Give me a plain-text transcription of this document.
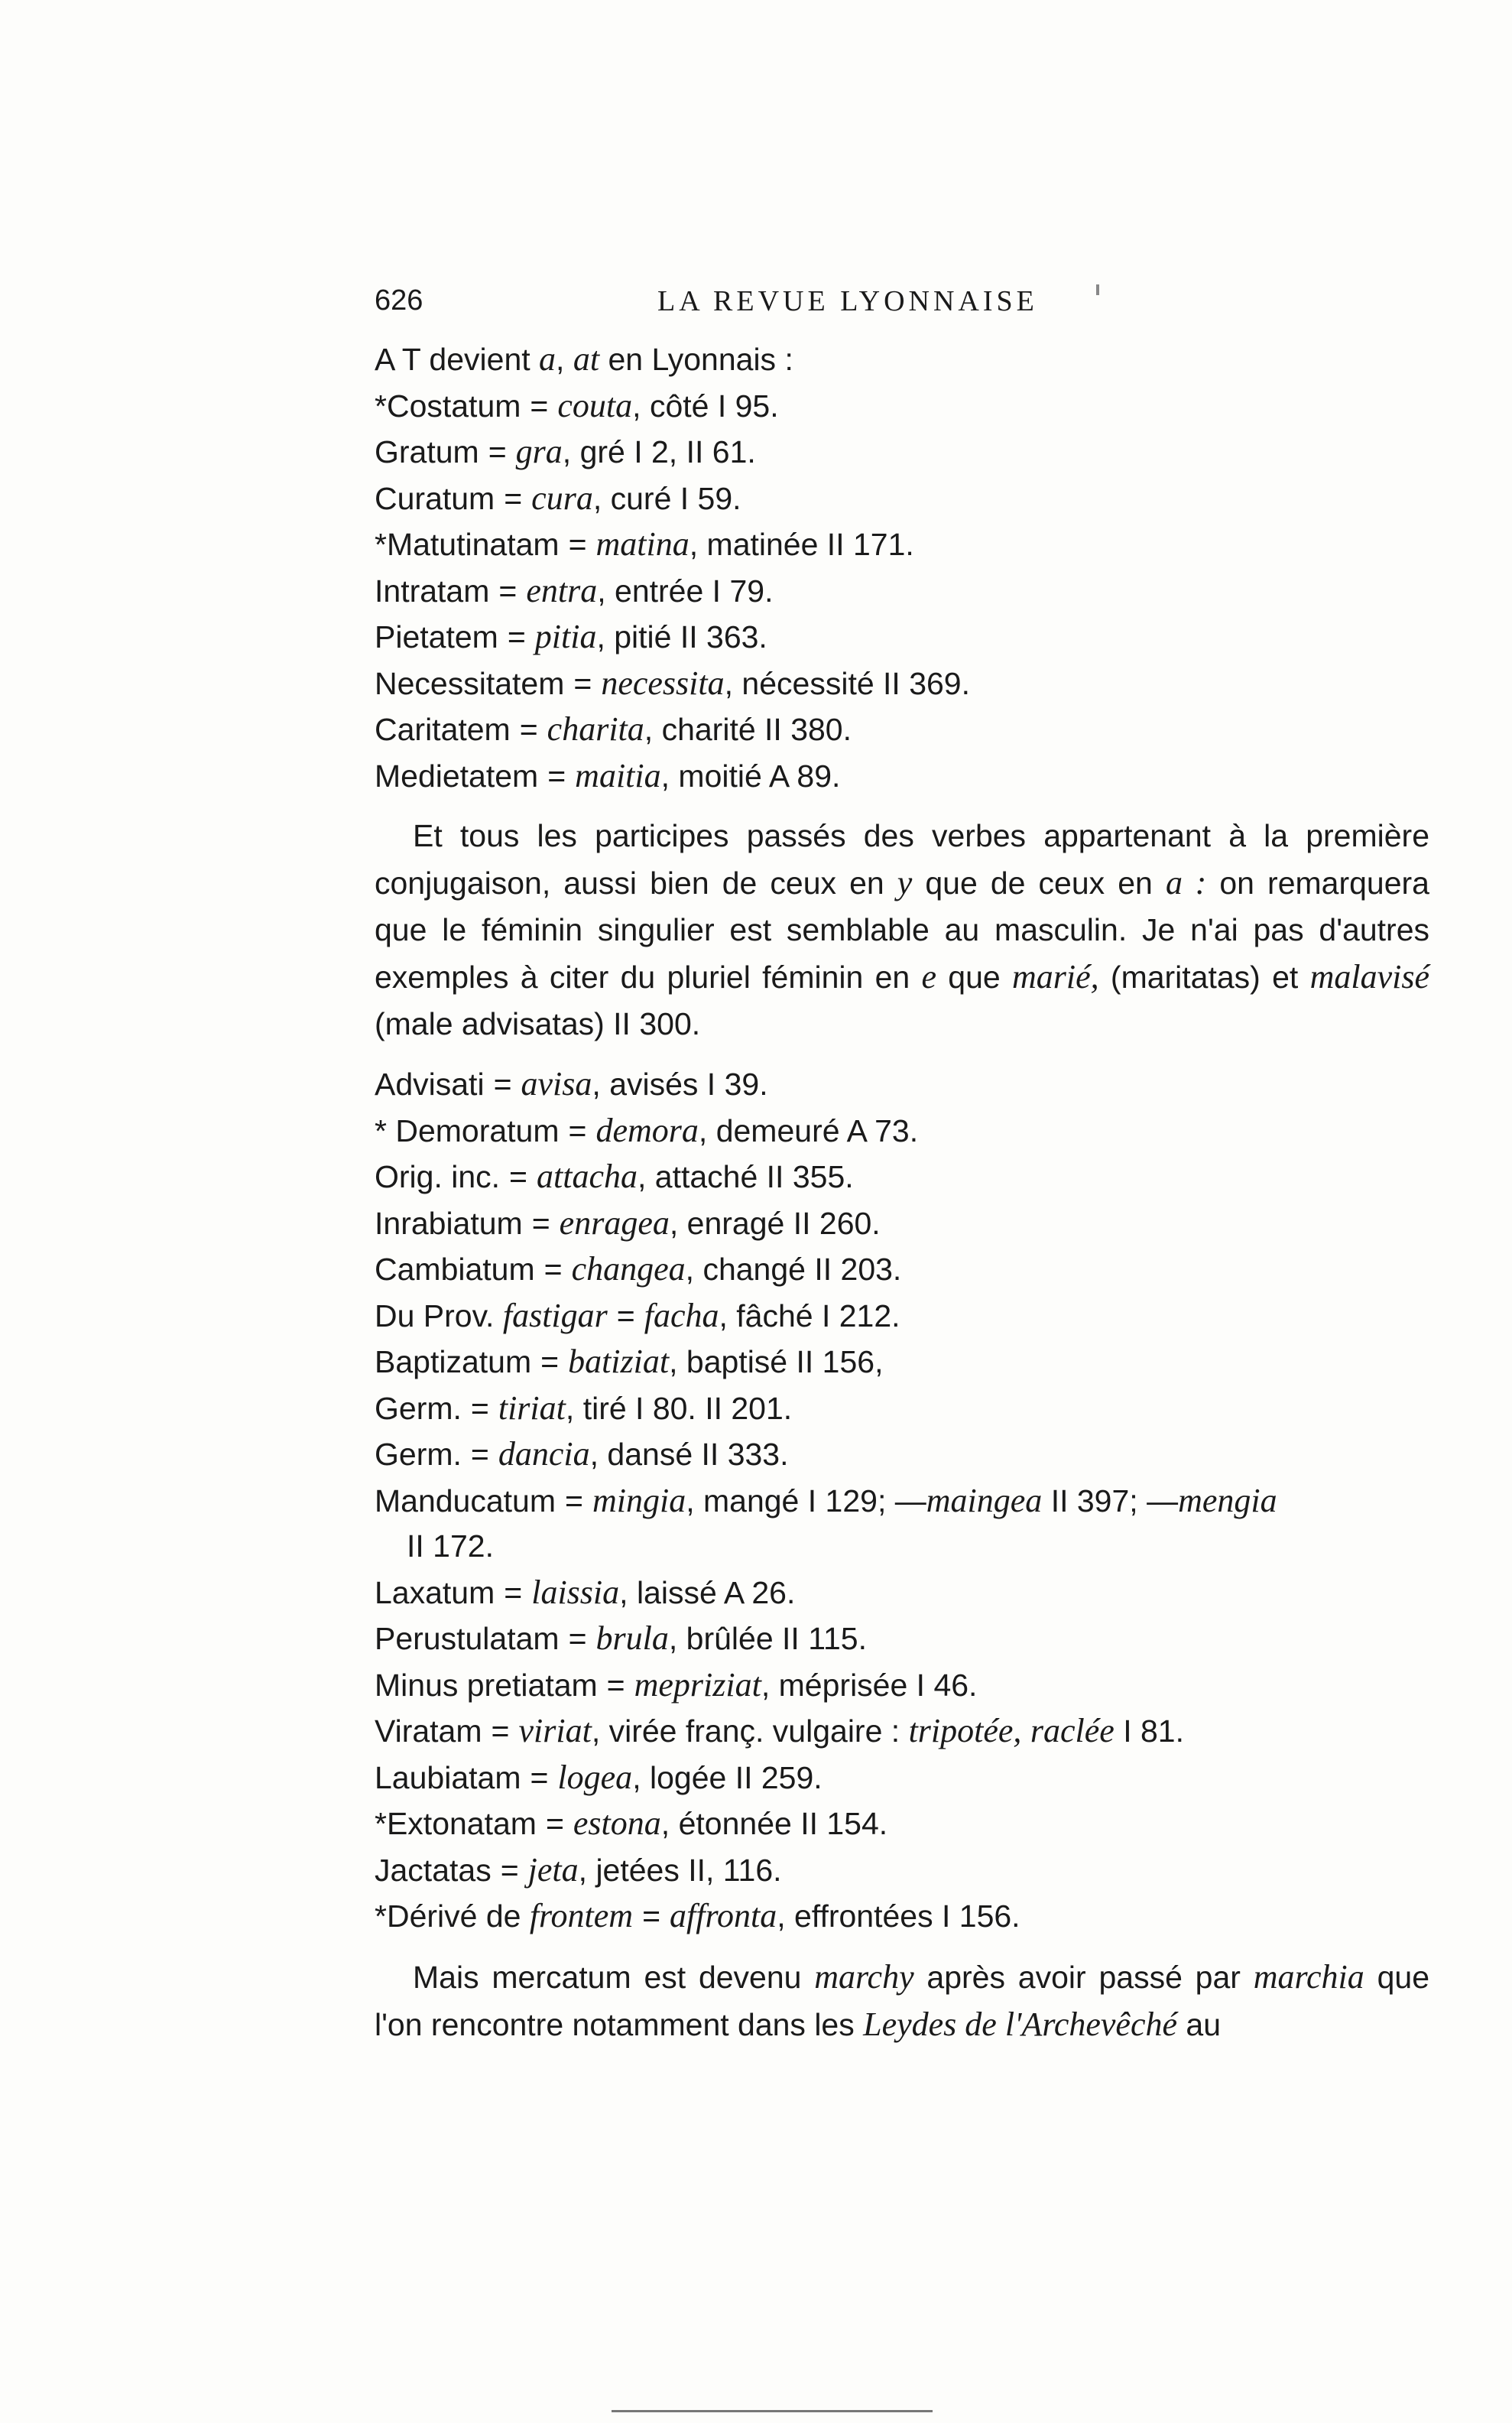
626	LA REVUE LYONNAISE
A T devient a, at en Lyonnais :
*Costatum = couta, côté I 95.
Gratum = gra, gré I 2, II 61.
Curatum = cura, curé I 59.
*Matutinatam = matina, matinée II 171.
Intratam = entra, entrée I 79.
Pietatem = pitia, pitié II 363.
Necessitatem = necessita, nécessité II 369.
Caritatem = charita, charité II 380.
Medietatem = maitia, moitié A 89.
Et tous les participes passés des verbes appartenant à la première conjugaison, aussi bien de ceux en y que de ceux en a : on remarquera que le féminin singulier est semblable au masculin. Je n'ai pas d'autres exemples à citer du pluriel féminin en e que marié, (maritatas) et malavisé (male advisatas) II 300.
Advisati = avisa, avisés I 39.
* Demoratum = demora, demeuré A 73.
Orig. inc. = attacha, attaché II 355.
Inrabiatum = enragea, enragé II 260.
Cambiatum = changea, changé II 203.
Du Prov. fastigar = facha, fâché I 212.
Baptizatum = batiziat, baptisé II 156,
Germ. = tiriat, tiré I 80. II 201.
Germ. = dancia, dansé II 333.
Manducatum = mingia, mangé I 129; —maingea II 397; —mengia
II 172.
Laxatum = laissia, laissé A 26.
Perustulatam = brula, brûlée II 115.
Minus pretiatam = mepriziat, méprisée I 46.
Viratam = viriat, virée franç. vulgaire : tripotée, raclée I 81.
Laubiatam = logea, logée II 259.
*Extonatam = estona, étonnée II 154.
Jactatas = jeta, jetées II, 116.
*Dérivé de frontem = affronta, effrontées I 156.
Mais mercatum est devenu marchy après avoir passé par marchia que l'on rencontre notamment dans les Leydes de l'Archevêché au
